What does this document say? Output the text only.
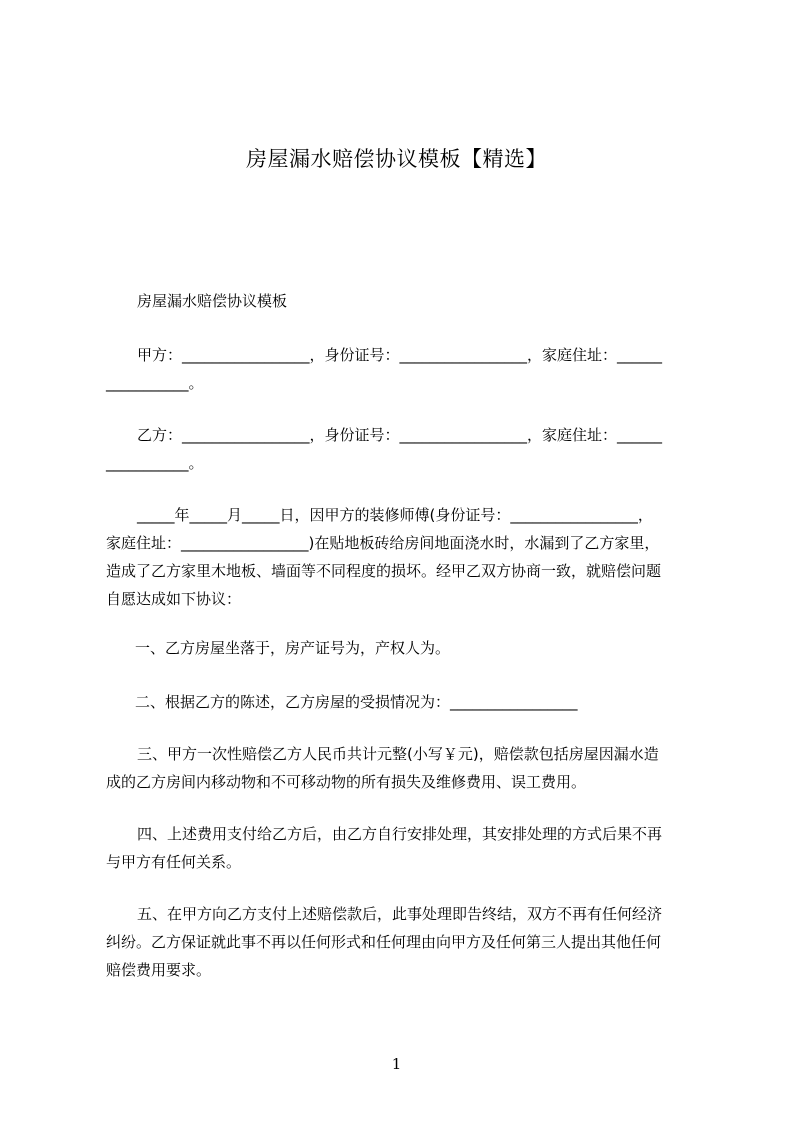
房屋漏水赔偿协议模板【精选】
房屋漏水赔偿协议模板
甲方：_________________，身份证号：_________________，家庭住址：______
___________。
乙方：_________________，身份证号：_________________，家庭住址：______
___________。
_____年_____月_____日，因甲方的装修师傅(身份证号：_________________，
家庭住址：_________________)在贴地板砖给房间地面浇水时，水漏到了乙方家里，
造成了乙方家里木地板、墙面等不同程度的损坏。经甲乙双方协商一致，就赔偿问题
自愿达成如下协议：
一、乙方房屋坐落于，房产证号为，产权人为。
二、根据乙方的陈述，乙方房屋的受损情况为：_________________
三、甲方一次性赔偿乙方人民币共计元整(小写￥元)，赔偿款包括房屋因漏水造
成的乙方房间内移动物和不可移动物的所有损失及维修费用、误工费用。
四、上述费用支付给乙方后，由乙方自行安排处理，其安排处理的方式后果不再
与甲方有任何关系。
五、在甲方向乙方支付上述赔偿款后，此事处理即告终结，双方不再有任何经济
纠纷。乙方保证就此事不再以任何形式和任何理由向甲方及任何第三人提出其他任何
赔偿费用要求。
1
